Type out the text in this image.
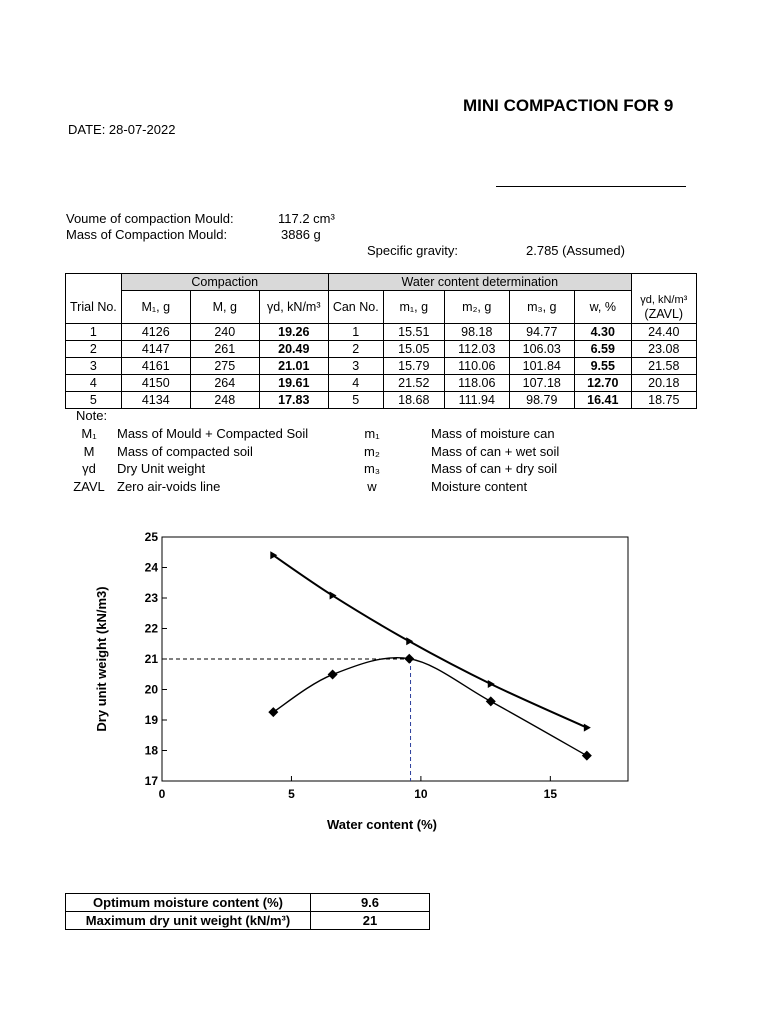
MINI COMPACTION FOR 9
DATE: 28-07-2022
Voume of compaction Mould:	117.2 cm³
Mass of Compaction Mould:	3886 g
Specific gravity:	2.785 (Assumed)
	Compaction			Water content determination					
Trial No.	M₁, g	M, g	γd, kN/m³	Can No.	m₁, g	m₂, g	m₃, g	w, %	γd, kN/m³
(ZAVL)

1	4126	240	19.26	1	15.51	98.18	94.77	4.30	24.40
2	4147	261	20.49	2	15.05	112.03	106.03	6.59	23.08
3	4161	275	21.01	3	15.79	110.06	101.84	9.55	21.58
4	4150	264	19.61	4	21.52	118.06	107.18	12.70	20.18
5	4134	248	17.83	5	18.68	111.94	98.79	16.41	18.75
Note:
M₁	Mass of Mould + Compacted Soil
M	Mass of compacted soil
γd	Dry Unit weight
ZAVL Zero air-voids line
m₁	Mass of moisture can
m₂	Mass of can + wet soil
m₃	Mass of can + dry soil
w	Moisture content
17
18
19
20
21
22
23
24
25
0	5	10	15
Water content (%)
Dry unit weight (kN/m3)
Optimum moisture content (%)	9.6
Maximum dry unit weight (kN/m³)	21
